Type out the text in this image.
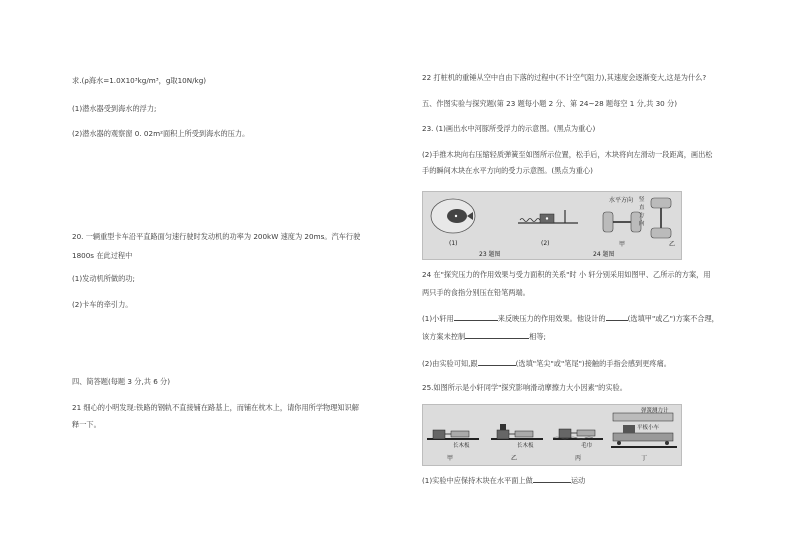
求.(ρ海水=1.0X10³kg/m³，g取10N/kg)
(1)潜水器受到海水的浮力;
(2)潜水器的观察窗 0. 02m²面积上所受到海水的压力。
20. 一辆重型卡车沿平直路面匀速行驶时发动机的功率为 200kW 速度为 20ms。汽车行驶
1800s 在此过程中
(1)发动机所做的功;
(2)卡车的牵引力。
四、简答题(每题 3 分,共 6 分)
21 细心的小明发现:铁路的钢轨不直接铺在路基上，而铺在枕木上，请你用所学物理知识解
释一下。
22 打桩机的重锤从空中自由下落的过程中(不计空气阻力),其速度会逐渐变大,这是为什么?
五、作图实验与探究题(第 23 题每小题 2 分、第 24~28 题每空 1 分,共 30 分)
23. (1)画出水中河豚所受浮力的示意图。(黑点为重心)
(2)手推木块向右压缩轻质弹簧至如图所示位置，松手后，木块将向左滑动一段距离，画出松
手的瞬间木块在水平方向的受力示意图。(黑点为重心)
(1)	(2)
水平方向 竖
直
方
向
甲	乙
23 题图	24 题图
24 在"探究压力的作用效果与受力面积的关系"时 小 轩分别采用如图甲、乙所示的方案，用
两只手的食指分别压在铅笔两端。
(1)小轩用	来反映压力的作用效果。他设计的	(选填甲"或乙")方案不合理，
该方案未控制	相等;
(2)由实验可知,跟	(选填"笔尖"或"笔尾")接触的手指会感到更疼痛。
25.如图所示是小轩同学"探究影响滑动摩擦力大小因素"的实验。
弹簧测力计
长木板	长木板	毛巾
平板小车
甲	乙	丙	丁
(1)实验中应保持木块在水平面上做	运动
